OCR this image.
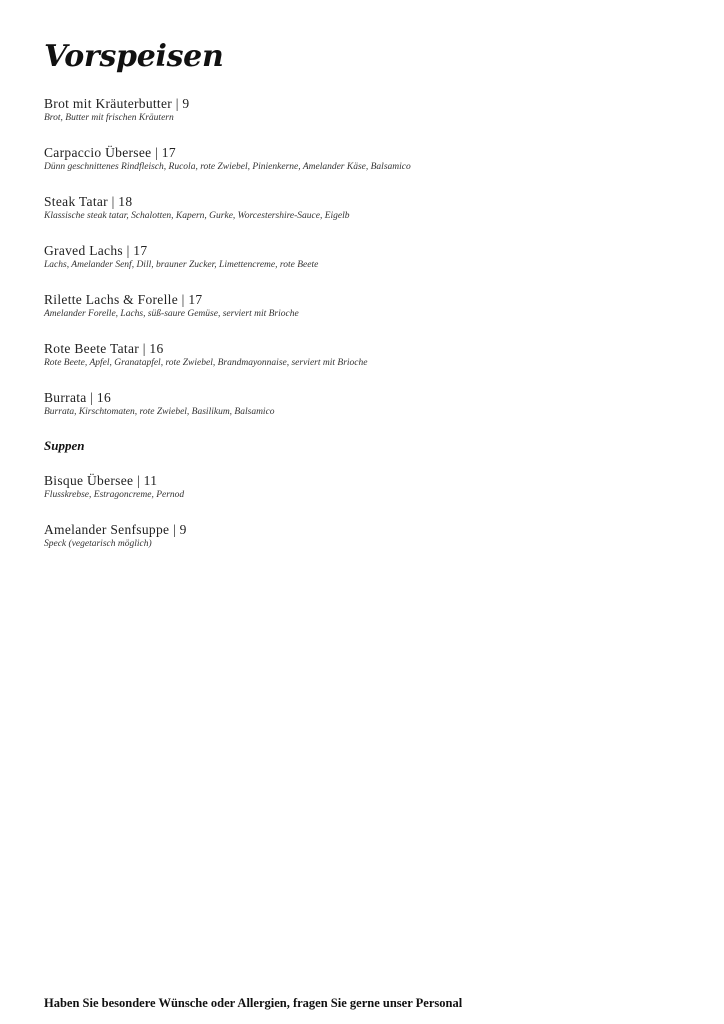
Vorspeisen
Brot mit Kräuterbutter | 9
Brot, Butter mit frischen Kräutern
Carpaccio Übersee | 17
Dünn geschnittenes Rindfleisch, Rucola, rote Zwiebel, Pinienkerne, Amelander Käse, Balsamico
Steak Tatar | 18
Klassische steak tatar, Schalotten, Kapern, Gurke, Worcestershire-Sauce, Eigelb
Graved Lachs | 17
Lachs, Amelander Senf, Dill, brauner Zucker, Limettencreme, rote Beete
Rilette Lachs & Forelle | 17
Amelander Forelle, Lachs, süß-saure Gemüse, serviert mit Brioche
Rote Beete Tatar | 16
Rote Beete, Apfel, Granatapfel, rote Zwiebel, Brandmayonnaise, serviert mit Brioche
Burrata | 16
Burrata, Kirschtomaten, rote Zwiebel, Basilikum, Balsamico
Suppen
Bisque Übersee | 11
Flusskrebse, Estragoncreme, Pernod
Amelander Senfsuppe | 9
Speck (vegetarisch möglich)
Haben Sie besondere Wünsche oder Allergien, fragen Sie gerne unser Personal
